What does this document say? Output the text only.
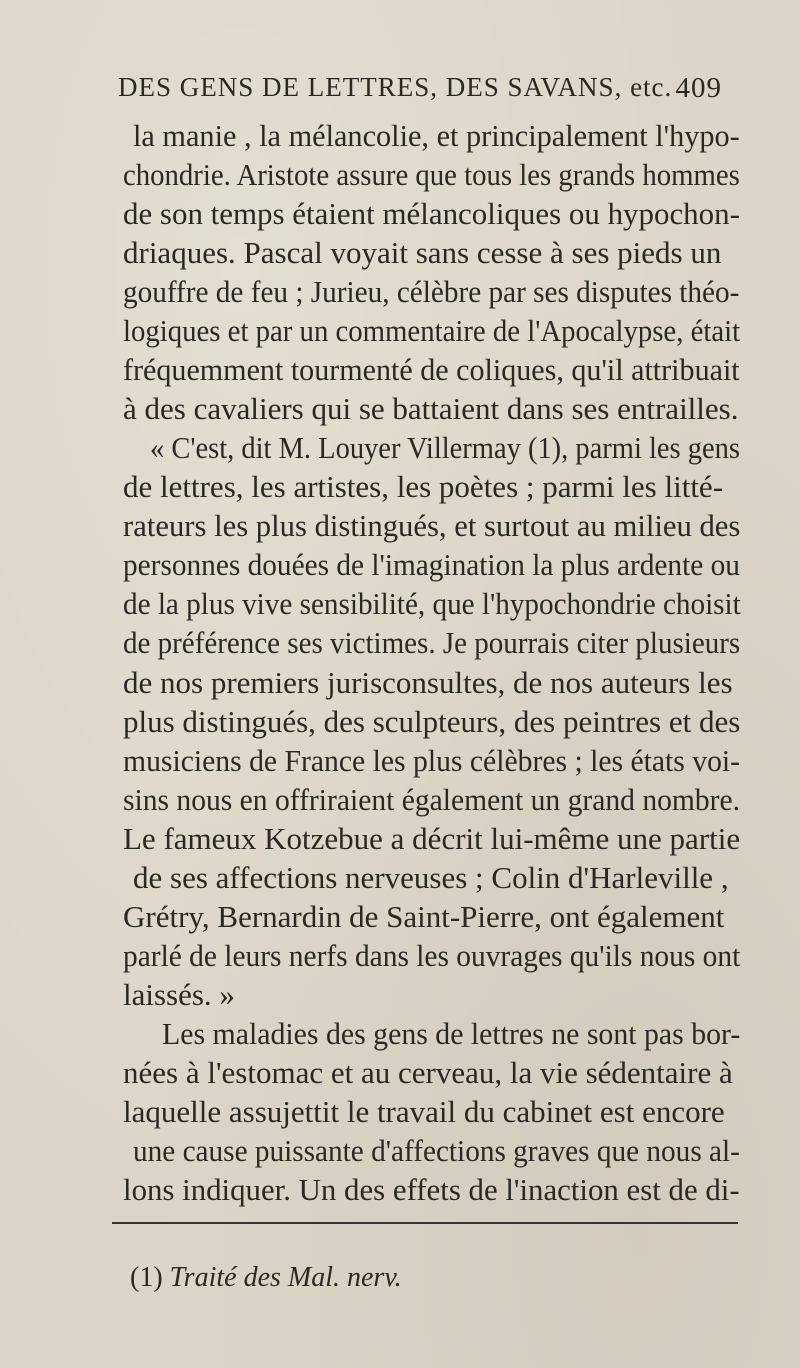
DES GENS DE LETTRES, DES SAVANS, etc. 409
la manie , la mélancolie, et principalement l'hypo-
chondrie. Aristote assure que tous les grands hommes
de son temps étaient mélancoliques ou hypochon-
driaques. Pascal voyait sans cesse à ses pieds un
gouffre de feu ; Jurieu, célèbre par ses disputes théo-
logiques et par un commentaire de l'Apocalypse, était
fréquemment tourmenté de coliques, qu'il attribuait
à des cavaliers qui se battaient dans ses entrailles.
« C'est, dit M. Louyer Villermay (1), parmi les gens
de lettres, les artistes, les poètes ; parmi les litté-
rateurs les plus distingués, et surtout au milieu des
personnes douées de l'imagination la plus ardente ou
de la plus vive sensibilité, que l'hypochondrie choisit
de préférence ses victimes. Je pourrais citer plusieurs
de nos premiers jurisconsultes, de nos auteurs les
plus distingués, des sculpteurs, des peintres et des
musiciens de France les plus célèbres ; les états voi-
sins nous en offriraient également un grand nombre.
Le fameux Kotzebue a décrit lui-même une partie
de ses affections nerveuses ; Colin d'Harleville ,
Grétry, Bernardin de Saint-Pierre, ont également
parlé de leurs nerfs dans les ouvrages qu'ils nous ont
laissés. »
Les maladies des gens de lettres ne sont pas bor-
nées à l'estomac et au cerveau, la vie sédentaire à
laquelle assujettit le travail du cabinet est encore
une cause puissante d'affections graves que nous al-
lons indiquer. Un des effets de l'inaction est de di-
(1) Traité des Mal. nerv.
